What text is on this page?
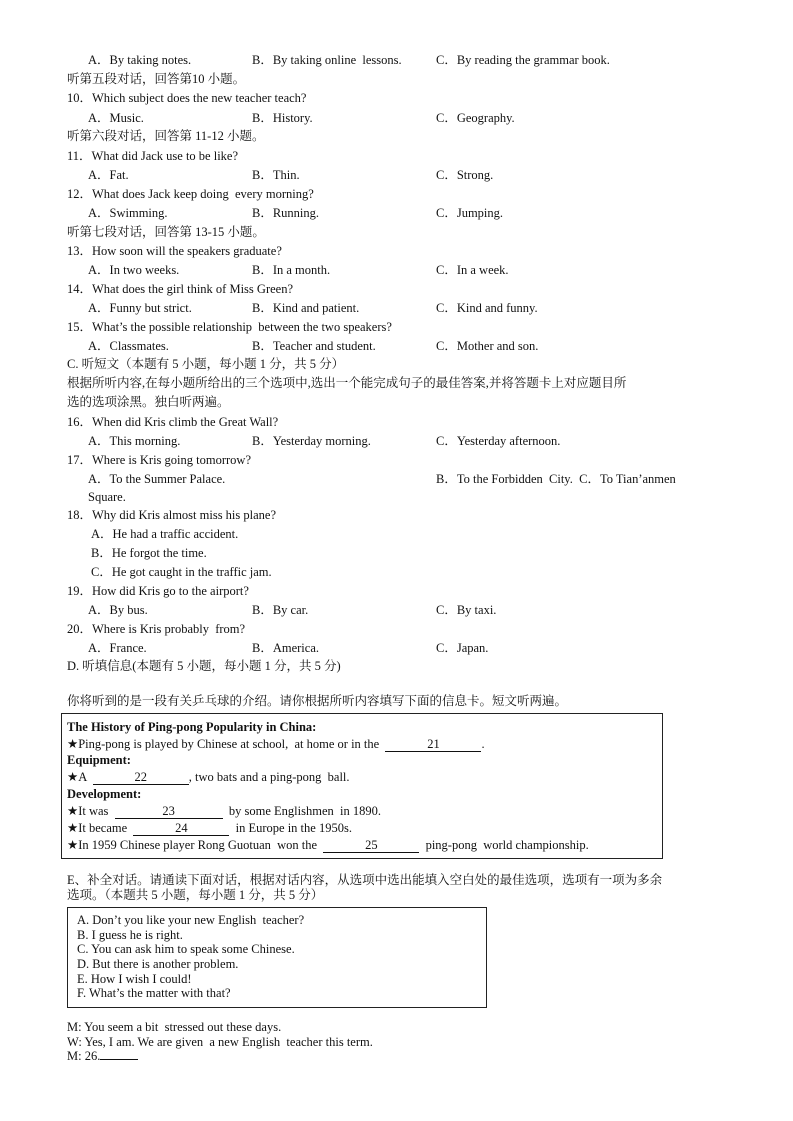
A．By taking notes.	B．By taking online  lessons.	C．By reading the grammar book.
听第五段对话，回答第10 小题。
10．Which subject does the new teacher teach?
A．Music.	B．History.	C．Geography.
听第六段对话，回答第 11-12 小题。
11．What did Jack use to be like?
A．Fat.	B．Thin.	C．Strong.
12．What does Jack keep doing  every morning?
A．Swimming.	B．Running.	C．Jumping.
听第七段对话，回答第 13-15 小题。
13．How soon will the speakers graduate?
A．In two weeks.	B．In a month.	C．In a week.
14．What does the girl think of Miss Green?
A．Funny but strict.	B．Kind and patient.	C．Kind and funny.
15．What’s the possible relationship  between the two speakers?
A．Classmates.	B．Teacher and student.	C．Mother and son.
C. 听短文（本题有 5 小题，每小题 1 分，共 5 分）
根据所听内容,在每小题所给出的三个选项中,选出一个能完成句子的最佳答案,并将答题卡上对应题目所
选的选项涂黑。独白听两遍。
16．When did Kris climb the Great Wall?
A．This morning.	B．Yesterday morning.	C．Yesterday afternoon.
17．Where is Kris going tomorrow?
A．To the Summer Palace.	B．To the Forbidden  City.  C．To Tian’anmen
Square.
18．Why did Kris almost miss his plane?
A．He had a traffic accident.
B．He forgot the time.
C．He got caught in the traffic jam.
19．How did Kris go to the airport?
A．By bus.	B．By car.	C．By taxi.
20．Where is Kris probably  from?
A．France.	B．America.	C．Japan.
D. 听填信息(本题有 5 小题，每小题 1 分，共 5 分)
你将听到的是一段有关乒乓球的介绍。请你根据所听内容填写下面的信息卡。短文听两遍。
The History of Ping-pong Popularity in China:
★Ping-pong is played by Chinese at school,  at home or in the	21	.
Equipment:
★A	22	, two bats and a ping-pong  ball.
Development:
★It was	23	by some Englishmen  in 1890.
★It became	24	in Europe in the 1950s.
★In 1959 Chinese player Rong Guotuan  won the	25	ping-pong  world championship.
E、补全对话。请通读下面对话，根据对话内容，从选项中选出能填入空白处的最佳选项，选项有一项为多余
选项。（本题共 5 小题，每小题 1 分，共 5 分）
A. Don’t you like your new English  teacher?
B. I guess he is right.
C. You can ask him to speak some Chinese.
D. But there is another problem.
E. How I wish I could!
F. What’s the matter with that?
M: You seem a bit  stressed out these days.
W: Yes, I am. We are given  a new English  teacher this term.
M: 26.
